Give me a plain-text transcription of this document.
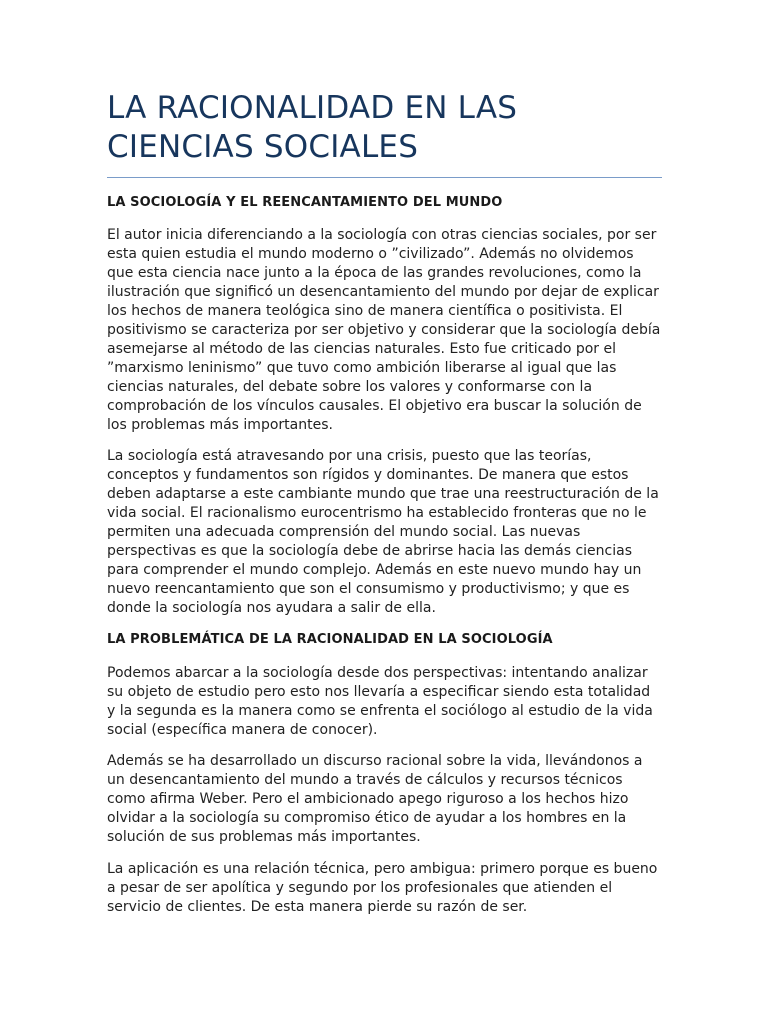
LA RACIONALIDAD EN LAS
CIENCIAS SOCIALES
LA SOCIOLOGÍA Y EL REENCANTAMIENTO DEL MUNDO

El autor inicia diferenciando a la sociología con otras ciencias sociales, por ser esta quien estudia el mundo moderno o ”civilizado”. Además no olvidemos que esta ciencia nace junto a la época de las grandes revoluciones, como la ilustración que significó un desencantamiento del mundo por dejar de explicar los hechos de manera teológica sino de manera científica o positivista. El positivismo se caracteriza por ser objetivo y considerar que la sociología debía asemejarse al método de las ciencias naturales. Esto fue criticado por el ”marxismo leninismo” que tuvo como ambición liberarse al igual que las ciencias naturales, del debate sobre los valores y conformarse con la comprobación de los vínculos causales. El objetivo era buscar la solución de los problemas más importantes.

La sociología está atravesando por una crisis, puesto que las teorías, conceptos y fundamentos son rígidos y dominantes. De manera que estos deben adaptarse a este cambiante mundo que trae una reestructuración de la vida social. El racionalismo eurocentrismo ha establecido fronteras que no le permiten una adecuada comprensión del mundo social. Las nuevas perspectivas es que la sociología debe de abrirse hacia las demás ciencias para comprender el mundo complejo. Además en este nuevo mundo hay un nuevo reencantamiento que son el consumismo y productivismo; y que es donde la sociología nos ayudara a salir de ella.

LA PROBLEMÁTICA DE LA RACIONALIDAD EN LA SOCIOLOGÍA

Podemos abarcar a la sociología desde dos perspectivas: intentando analizar su objeto de estudio pero esto nos llevaría a especificar siendo esta totalidad y la segunda es la manera como se enfrenta el sociólogo al estudio de la vida social (específica manera de conocer).

Además se ha desarrollado un discurso racional sobre la vida, llevándonos a un desencantamiento del mundo a través de cálculos y recursos técnicos como afirma Weber. Pero el ambicionado apego riguroso a los hechos hizo olvidar a la sociología su compromiso ético de ayudar a los hombres en la solución de sus problemas más importantes.

La aplicación es una relación técnica, pero ambigua: primero porque es bueno a pesar de ser apolítica y segundo por los profesionales que atienden el servicio de clientes. De esta manera pierde su razón de ser.
